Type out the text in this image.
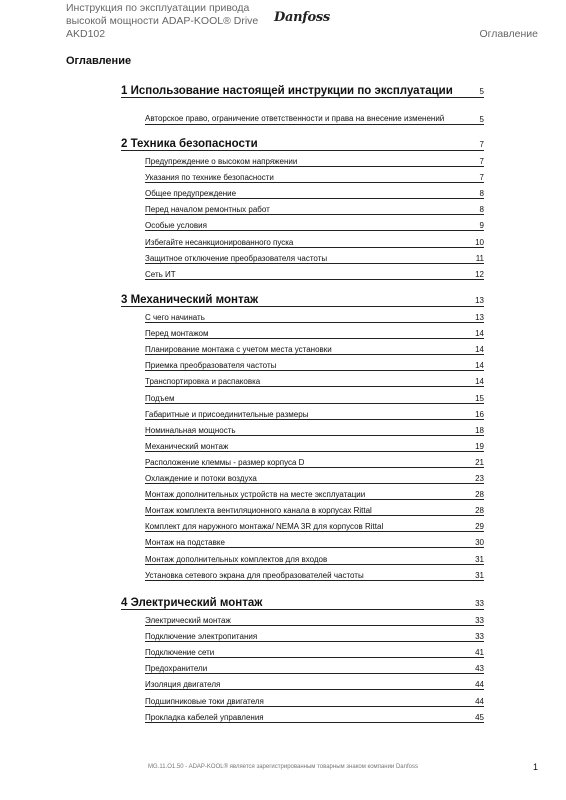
Инструкция по эксплуатации привода
высокой мощности ADAP-KOOL® Drive
AKD102
Danfoss
Оглавление
Оглавление
1 Использование настоящей инструкции по эксплуатации	5
Авторское право, ограничение ответственности и права на внесение изменений	5
2 Техника безопасности	7
Предупреждение о высоком напряжении	7
Указания по технике безопасности	7
Общее предупреждение	8
Перед началом ремонтных работ	8
Особые условия	9
Избегайте несанкционированного пуска	10
Защитное отключение преобразователя частоты	11
Сеть ИТ	12
3 Механический монтаж	13
С чего начинать	13
Перед монтажом	14
Планирование монтажа с учетом места установки	14
Приемка преобразователя частоты	14
Транспортировка и распаковка	14
Подъем	15
Габаритные и присоединительные размеры	16
Номинальная мощность	18
Механический монтаж	19
Расположение клеммы - размер корпуса D	21
Охлаждение и потоки воздуха	23
Монтаж дополнительных устройств на месте эксплуатации	28
Монтаж комплекта вентиляционного канала в корпусах Rittal	28
Комплект для наружного монтажа/ NEMA 3R для корпусов Rittal	29
Монтаж на подставке	30
Монтаж дополнительных комплектов для входов	31
Установка сетевого экрана для преобразователей частоты	31
4 Электрический монтаж	33
Электрический монтаж	33
Подключение электропитания	33
Подключение сети	41
Предохранители	43
Изоляция двигателя	44
Подшипниковые токи двигателя	44
Прокладка кабелей управления	45
MG.11.O1.50 - ADAP-KOOL® является зарегистрированным товарным знаком компании Danfoss	1
